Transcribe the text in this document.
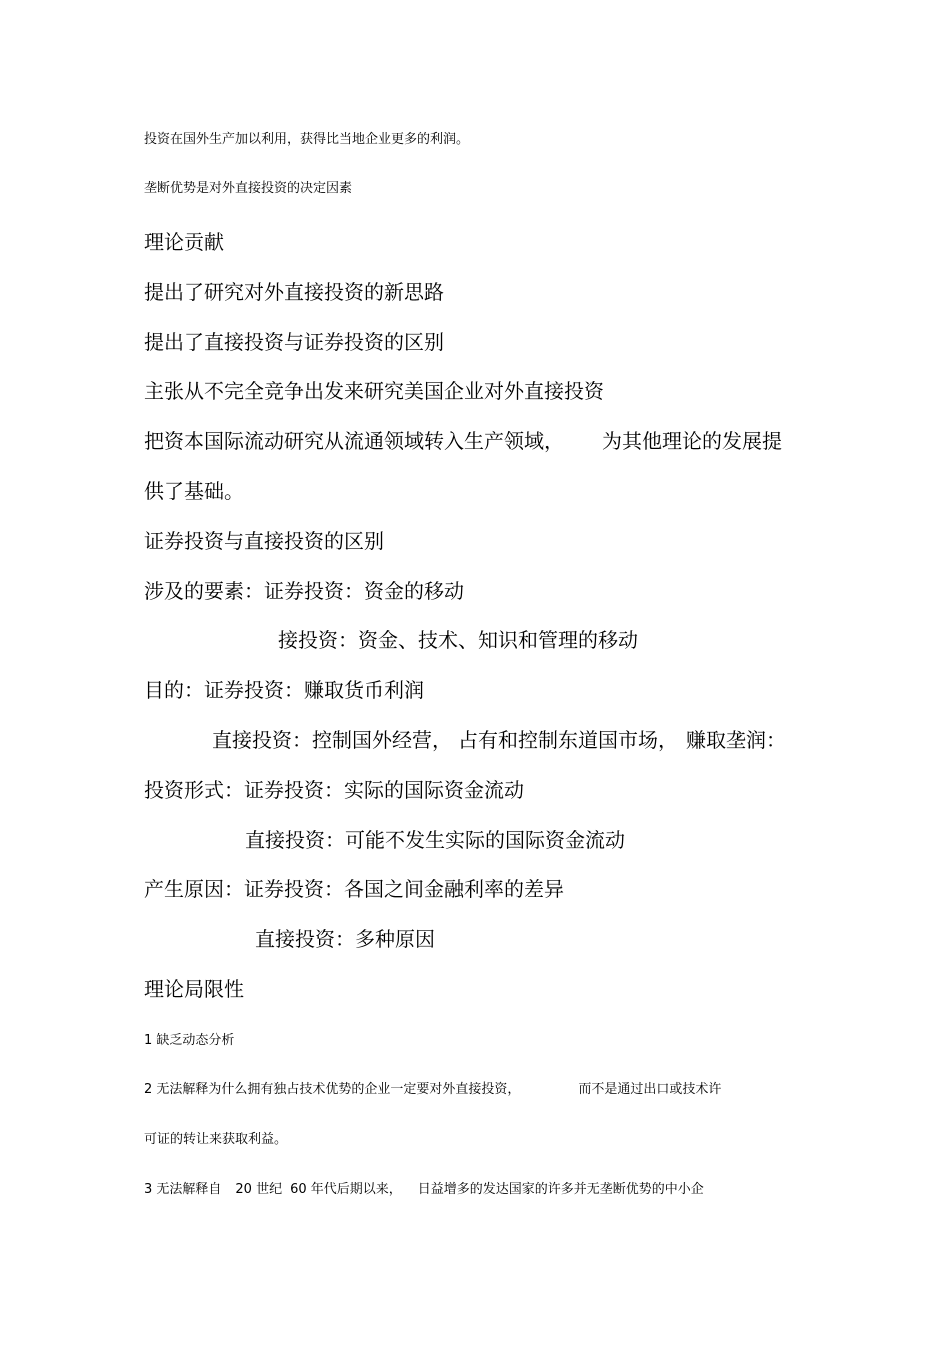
投资在国外生产加以利用，获得比当地企业更多的利润。
垄断优势是对外直接投资的决定因素
理论贡献
提出了研究对外直接投资的新思路
提出了直接投资与证券投资的区别
主张从不完全竞争出发来研究美国企业对外直接投资
把资本国际流动研究从流通领域转入生产领域， 为其他理论的发展提
供了基础。
证券投资与直接投资的区别
涉及的要素：证券投资：资金的移动
接投资：资金、技术、知识和管理的移动
目的：证券投资：赚取货币利润
直接投资：控制国外经营， 占有和控制东道国市场， 赚取垄润：
投资形式：证券投资：实际的国际资金流动
直接投资：可能不发生实际的国际资金流动
产生原因：证券投资：各国之间金融利率的差异
直接投资：多种原因
理论局限性
1 缺乏动态分析
2 无法解释为什么拥有独占技术优势的企业一定要对外直接投资，	而不是通过出口或技术许
可证的转让来获取利益。
3 无法解释自 20 世纪 60 年代后期以来， 日益增多的发达国家的许多并无垄断优势的中小企
